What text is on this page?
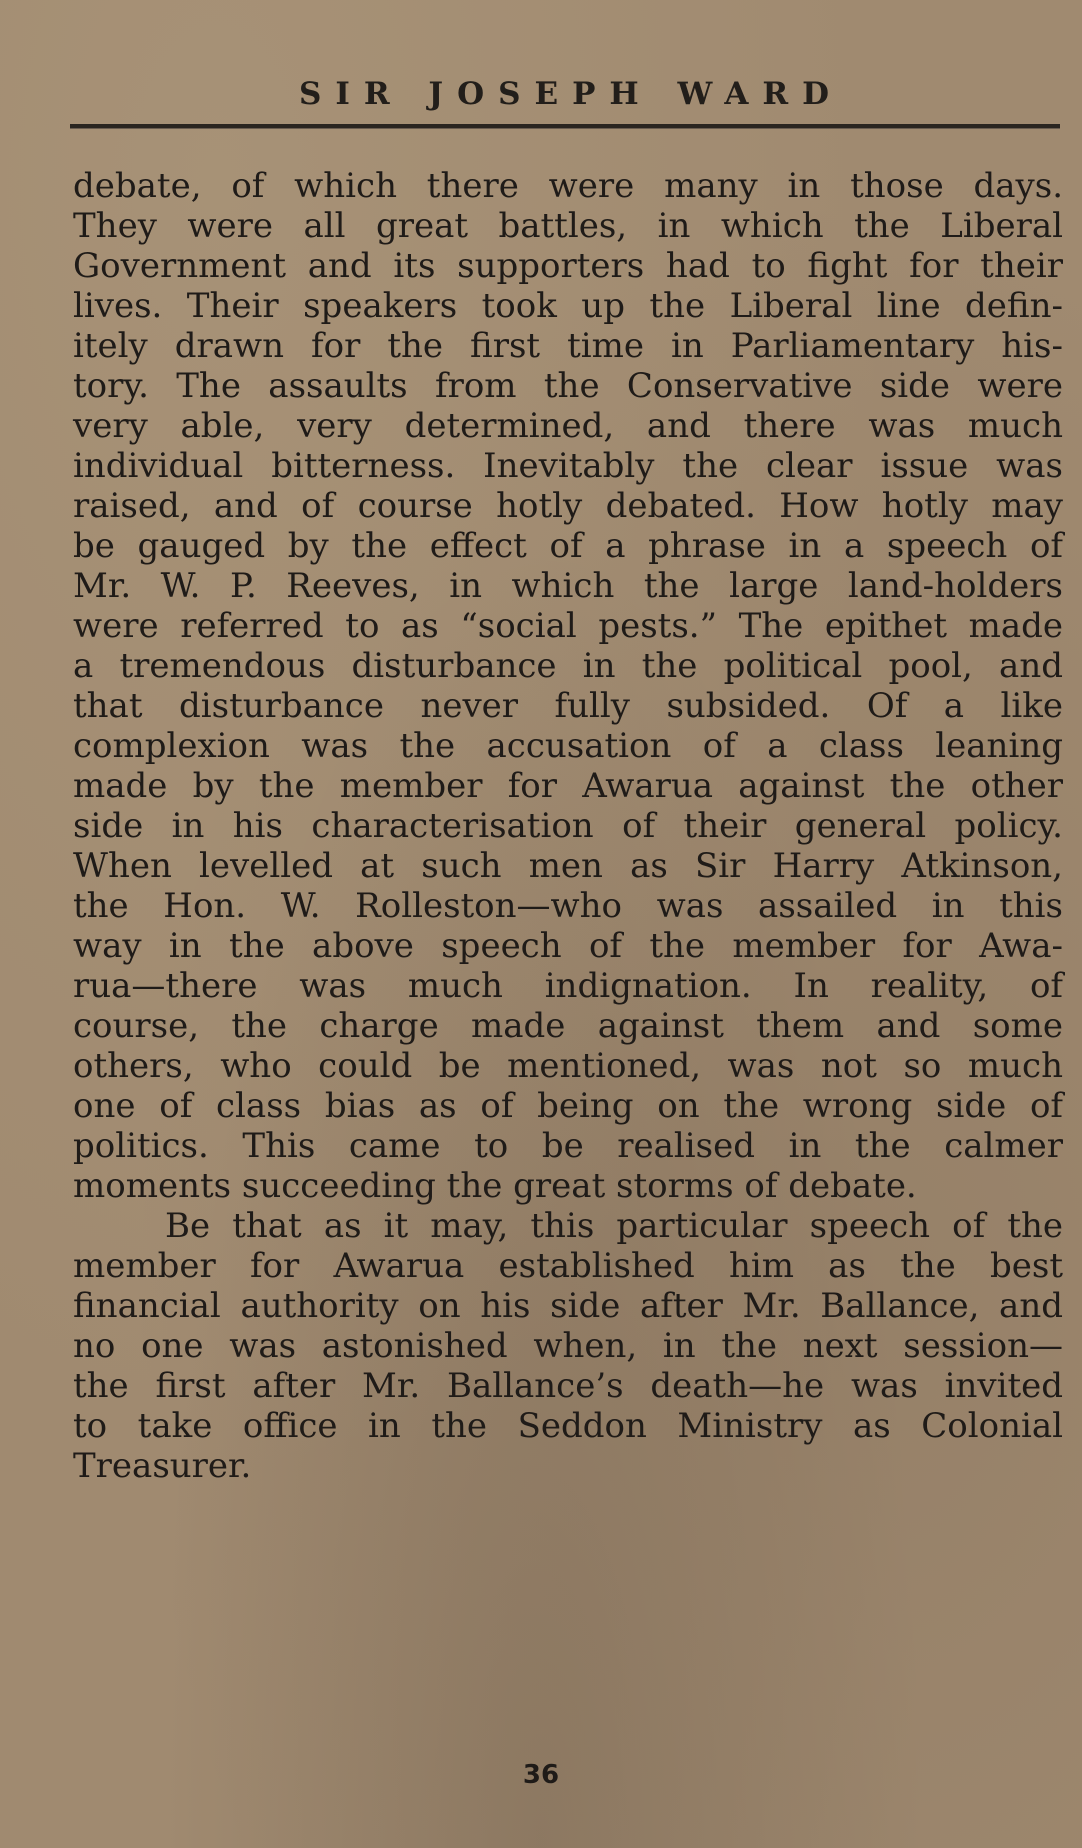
SIR JOSEPH WARD
debate, of which there were many in those days.
They were all great battles, in which the Liberal
Government and its supporters had to fight for their
lives. Their speakers took up the Liberal line defin-
itely drawn for the first time in Parliamentary his-
tory. The assaults from the Conservative side were
very able, very determined, and there was much
individual bitterness. Inevitably the clear issue was
raised, and of course hotly debated. How hotly may
be gauged by the effect of a phrase in a speech of
Mr. W. P. Reeves, in which the large land-holders
were referred to as “social pests.” The epithet made
a tremendous disturbance in the political pool, and
that disturbance never fully subsided. Of a like
complexion was the accusation of a class leaning
made by the member for Awarua against the other
side in his characterisation of their general policy.
When levelled at such men as Sir Harry Atkinson,
the Hon. W. Rolleston—who was assailed in this
way in the above speech of the member for Awa-
rua—there was much indignation. In reality, of
course, the charge made against them and some
others, who could be mentioned, was not so much
one of class bias as of being on the wrong side of
politics. This came to be realised in the calmer
moments succeeding the great storms of debate.
Be that as it may, this particular speech of the
member for Awarua established him as the best
financial authority on his side after Mr. Ballance, and
no one was astonished when, in the next session—
the first after Mr. Ballance’s death—he was invited
to take office in the Seddon Ministry as Colonial
Treasurer.
36
